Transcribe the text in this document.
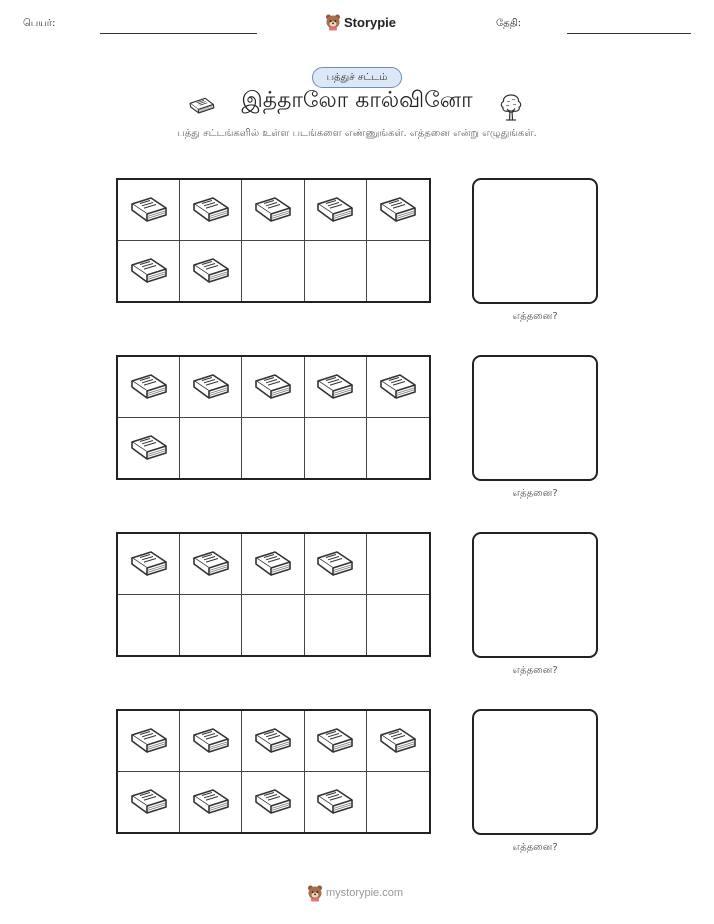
பெயர்:	Storypie	தேதி:
பத்துச் சட்டம்
இத்தாலோ கால்வினோ
பத்து சட்டங்களில் உள்ள படங்களை எண்ணுங்கள். எத்தனை என்று எழுதுங்கள்.
எத்தனை?
எத்தனை?
எத்தனை?
எத்தனை?
mystorypie.com
